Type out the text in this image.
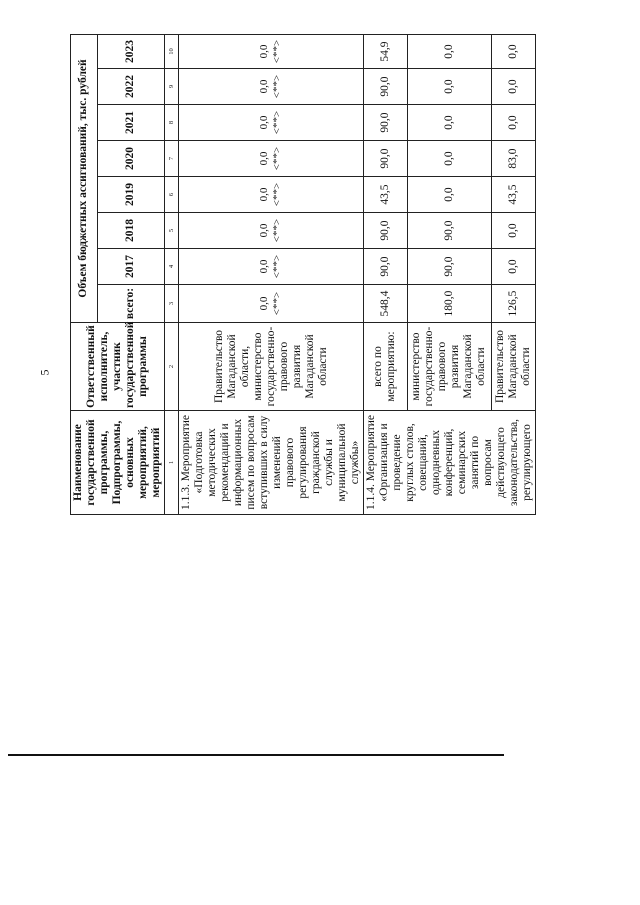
5
Наименование государственной программы, Подпрограммы, основных мероприятий, мероприятий	Ответственный исполнитель, участник государственной программы	Объем бюджетных ассигнований, тыс. рублей							
		всего:	2017	2018	2019	2020	2021	2022	2023
1	2	3	4	5	6	7	8	9	10
1.1.3. Мероприятие «Подготовка методических рекомендаций и информационных писем по вопросам вступивших в силу изменений правового регулирования гражданской службы и муниципальной службы»	Правительство Магаданской области, министерство государственно-правового развития Магаданской области	0,0 <**>	0,0 <**>	0,0 <**>	0,0 <**>	0,0 <**>	0,0 <**>	0,0 <**>	0,0 <**>
1.1.4. Мероприятие «Организация и проведение круглых столов, совещаний, однодневных конференций, семинарских занятий по вопросам действующего законодательства, регулирующего	всего по мероприятию:	548,4	90,0	90,0	43,5	90,0	90,0	90,0	54,9
	министерство государственно-правового развития Магаданской области	180,0	90,0	90,0	0,0	0,0	0,0	0,0	0,0
	Правительство Магаданской области	126,5	0,0	0,0	43,5	83,0	0,0	0,0	0,0
